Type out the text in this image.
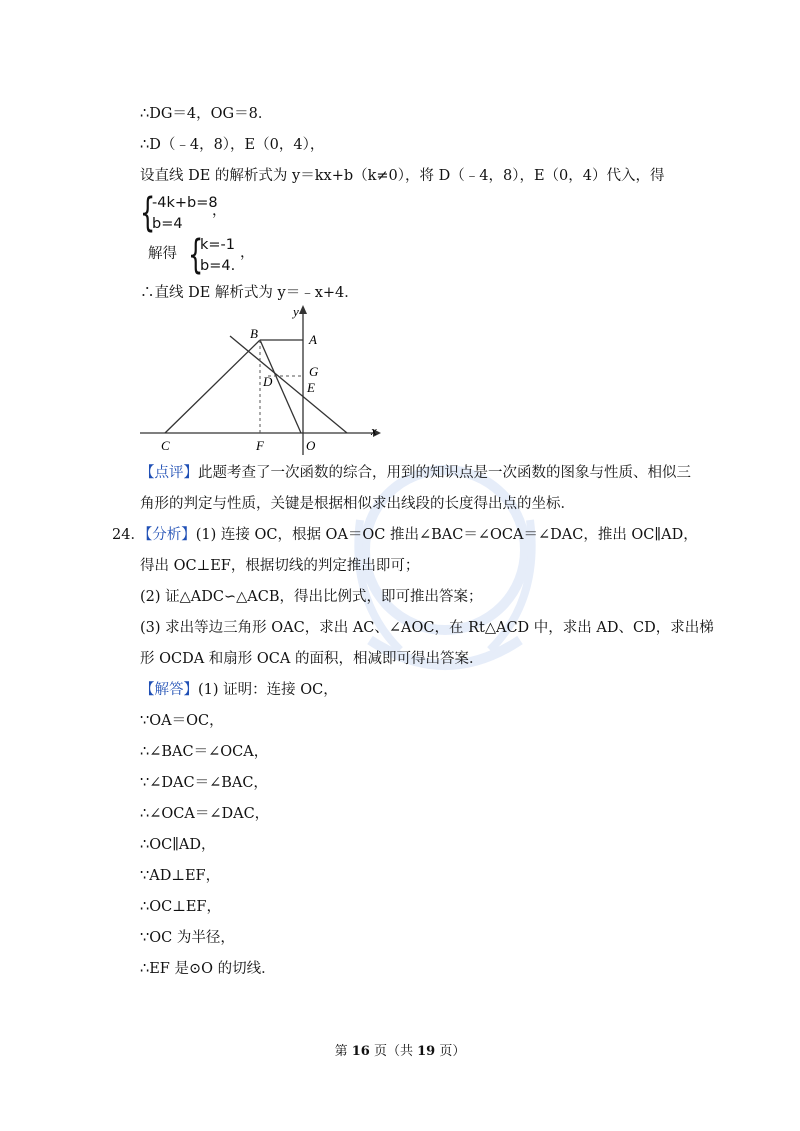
∴DG＝4，OG＝8．
∴D（﹣4，8），E（0，4），
设直线 DE 的解析式为 y＝kx+b（k≠0），将 D（﹣4，8），E（0，4）代入，得
{
-4k+b=8
b=4
，
解得 {
k=-1
b=4.
，
∴直线 DE 解析式为 y＝﹣x+4．
y
x
B	A
D
G
E
C	F	O
【点评】此题考查了一次函数的综合，用到的知识点是一次函数的图象与性质、相似三
角形的判定与性质，关键是根据相似求出线段的长度得出点的坐标．
24．【分析】(1) 连接 OC，根据 OA＝OC 推出∠BAC＝∠OCA＝∠DAC，推出 OC∥AD，
得出 OC⊥EF，根据切线的判定推出即可；
(2) 证△ADC∽△ACB，得出比例式，即可推出答案；
(3) 求出等边三角形 OAC，求出 AC、∠AOC，在 Rt△ACD 中，求出 AD、CD，求出梯
形 OCDA 和扇形 OCA 的面积，相减即可得出答案．
【解答】(1) 证明：连接 OC，
∵OA＝OC，
∴∠BAC＝∠OCA，
∵∠DAC＝∠BAC，
∴∠OCA＝∠DAC，
∴OC∥AD，
∵AD⊥EF，
∴OC⊥EF，
∵OC 为半径，
∴EF 是⊙O 的切线．
第 16 页（共 19 页）
